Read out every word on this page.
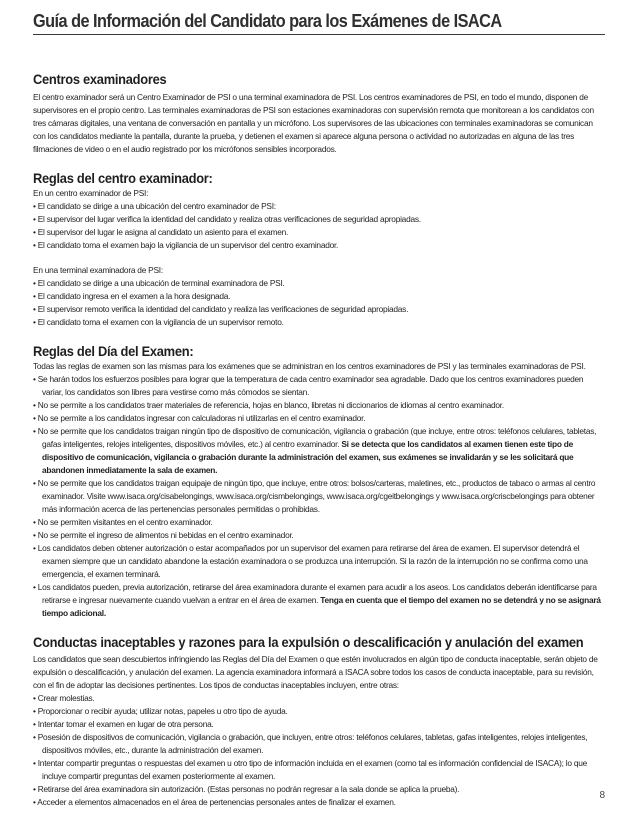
Guía de Información del Candidato para los Exámenes de ISACA
Centros examinadores

El centro examinador será un Centro Examinador de PSI o una terminal examinadora de PSI. Los centros examinadores de PSI, en todo el mundo, disponen de supervisores en el propio centro. Las terminales examinadoras de PSI son estaciones examinadoras con supervisión remota que monitorean a los candidatos con tres cámaras digitales, una ventana de conversación en pantalla y un micrófono. Los supervisores de las ubicaciones con terminales examinadoras se comunican con los candidatos mediante la pantalla, durante la prueba, y detienen el examen si aparece alguna persona o actividad no autorizadas en alguna de las tres filmaciones de video o en el audio registrado por los micrófonos sensibles incorporados.

Reglas del centro examinador:

En un centro examinador de PSI:

• El candidato se dirige a una ubicación del centro examinador de PSI:

• El supervisor del lugar verifica la identidad del candidato y realiza otras verificaciones de seguridad apropiadas.

• El supervisor del lugar le asigna al candidato un asiento para el examen.

• El candidato toma el examen bajo la vigilancia de un supervisor del centro examinador.

En una terminal examinadora de PSI:

• El candidato se dirige a una ubicación de terminal examinadora de PSI.

• El candidato ingresa en el examen a la hora designada.

• El supervisor remoto verifica la identidad del candidato y realiza las verificaciones de seguridad apropiadas.

• El candidato toma el examen con la vigilancia de un supervisor remoto.

Reglas del Día del Examen:

Todas las reglas de examen son las mismas para los exámenes que se administran en los centros examinadores de PSI y las terminales examinadoras de PSI.

• Se harán todos los esfuerzos posibles para lograr que la temperatura de cada centro examinador sea agradable. Dado que los centros examinadores pueden variar, los candidatos son libres para vestirse como más cómodos se sientan.

• No se permite a los candidatos traer materiales de referencia, hojas en blanco, libretas ni diccionarios de idiomas al centro examinador.

• No se permite a los candidatos ingresar con calculadoras ni utilizarlas en el centro examinador.

• No se permite que los candidatos traigan ningún tipo de dispositivo de comunicación, vigilancia o grabación (que incluye, entre otros: teléfonos celulares, tabletas, gafas inteligentes, relojes inteligentes, dispositivos móviles, etc.) al centro examinador. Si se detecta que los candidatos al examen tienen este tipo de dispositivo de comunicación, vigilancia o grabación durante la administración del examen, sus exámenes se invalidarán y se les solicitará que abandonen inmediatamente la sala de examen.

• No se permite que los candidatos traigan equipaje de ningún tipo, que incluye, entre otros: bolsos/carteras, maletines, etc., productos de tabaco o armas al centro examinador. Visite www.isaca.org/cisabelongings, www.isaca.org/cismbelongings, www.isaca.org/cgeitbelongings y www.isaca.org/criscbelongings para obtener más información acerca de las pertenencias personales permitidas o prohibidas.

• No se permiten visitantes en el centro examinador.

• No se permite el ingreso de alimentos ni bebidas en el centro examinador.

• Los candidatos deben obtener autorización o estar acompañados por un supervisor del examen para retirarse del área de examen. El supervisor detendrá el examen siempre que un candidato abandone la estación examinadora o se produzca una interrupción. Si la razón de la interrupción no se confirma como una emergencia, el examen terminará.

• Los candidatos pueden, previa autorización, retirarse del área examinadora durante el examen para acudir a los aseos. Los candidatos deberán identificarse para retirarse e ingresar nuevamente cuando vuelvan a entrar en el área de examen. Tenga en cuenta que el tiempo del examen no se detendrá y no se asignará tiempo adicional.

Conductas inaceptables y razones para la expulsión o descalificación y anulación del examen

Los candidatos que sean descubiertos infringiendo las Reglas del Día del Examen o que estén involucrados en algún tipo de conducta inaceptable, serán objeto de expulsión o descalificación, y anulación del examen. La agencia examinadora informará a ISACA sobre todos los casos de conducta inaceptable, para su revisión, con el fin de adoptar las decisiones pertinentes. Los tipos de conductas inaceptables incluyen, entre otras:

• Crear molestias.

• Proporcionar o recibir ayuda; utilizar notas, papeles u otro tipo de ayuda.

• Intentar tomar el examen en lugar de otra persona.

• Posesión de dispositivos de comunicación, vigilancia o grabación, que incluyen, entre otros: teléfonos celulares, tabletas, gafas inteligentes, relojes inteligentes, dispositivos móviles, etc., durante la administración del examen.

• Intentar compartir preguntas o respuestas del examen u otro tipo de información incluida en el examen (como tal es información confidencial de ISACA); lo que incluye compartir preguntas del examen posteriormente al examen.

• Retirarse del área examinadora sin autorización. (Estas personas no podrán regresar a la sala donde se aplica la prueba).

• Acceder a elementos almacenados en el área de pertenencias personales antes de finalizar el examen.

8
